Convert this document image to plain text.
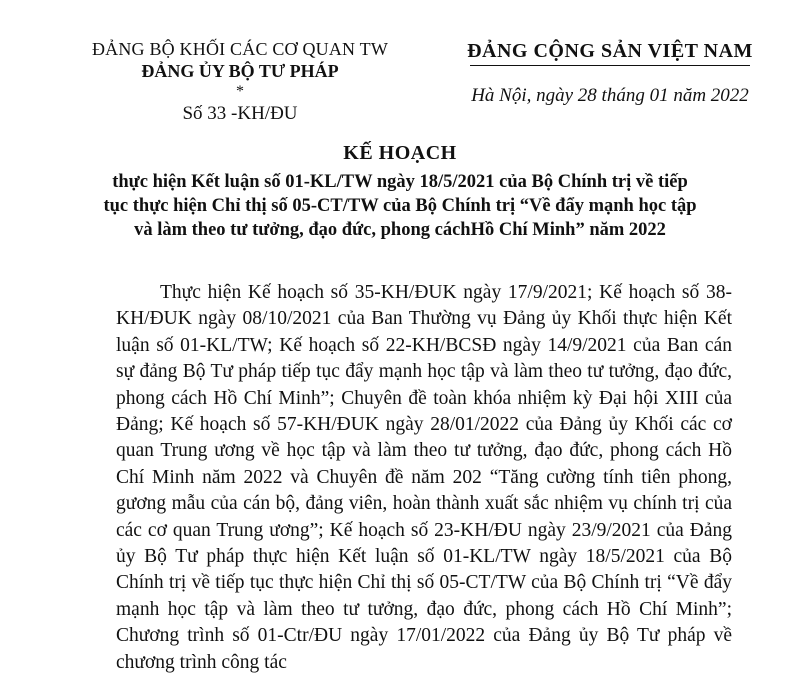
ĐẢNG BỘ KHỐI CÁC CƠ QUAN TW
ĐẢNG ỦY BỘ TƯ PHÁP
*
Số 33 -KH/ĐU
ĐẢNG CỘNG SẢN VIỆT NAM
Hà Nội, ngày 28 tháng 01 năm 2022
KẾ HOẠCH
thực hiện Kết luận số 01-KL/TW ngày 18/5/2021 của Bộ Chính trị về tiếp tục thực hiện Chỉ thị số 05-CT/TW của Bộ Chính trị “Về đẩy mạnh học tập và làm theo tư tưởng, đạo đức, phong cáchHồ Chí Minh” năm 2022

Thực hiện Kế hoạch số 35-KH/ĐUK ngày 17/9/2021; Kế hoạch số 38-KH/ĐUK ngày 08/10/2021 của Ban Thường vụ Đảng ủy Khối thực hiện Kết luận số 01-KL/TW; Kế hoạch số 22-KH/BCSĐ ngày 14/9/2021 của Ban cán sự đảng Bộ Tư pháp tiếp tục đẩy mạnh học tập và làm theo tư tưởng, đạo đức, phong cách Hồ Chí Minh”; Chuyên đề toàn khóa nhiệm kỳ Đại hội XIII của Đảng; Kế hoạch số 57-KH/ĐUK ngày 28/01/2022 của Đảng ủy Khối các cơ quan Trung ương về học tập và làm theo tư tưởng, đạo đức, phong cách Hồ Chí Minh năm 2022 và Chuyên đề năm 202 “Tăng cường tính tiên phong, gương mẫu của cán bộ, đảng viên, hoàn thành xuất sắc nhiệm vụ chính trị của các cơ quan Trung ương”; Kế hoạch số 23-KH/ĐU ngày 23/9/2021 của Đảng ủy Bộ Tư pháp thực hiện Kết luận số 01-KL/TW ngày 18/5/2021 của Bộ Chính trị về tiếp tục thực hiện Chỉ thị số 05-CT/TW của Bộ Chính trị “Về đẩy mạnh học tập và làm theo tư tưởng, đạo đức, phong cách Hồ Chí Minh”; Chương trình số 01-Ctr/ĐU ngày 17/01/2022 của Đảng ủy Bộ Tư pháp về chương trình công tác
